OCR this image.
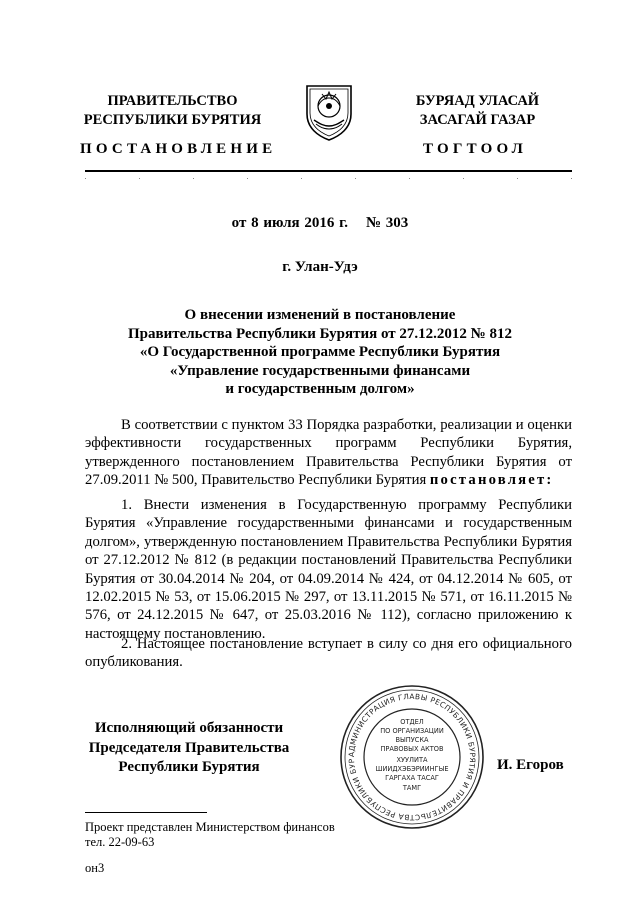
ПРАВИТЕЛЬСТВО
РЕСПУБЛИКИ БУРЯТИЯ
БУРЯАД УЛАСАЙ
ЗАСАГАЙ ГАЗАР
ПОСТАНОВЛЕНИЕ	ТОГТООЛ
от 8 июля 2016 г. № 303
г. Улан-Удэ
О внесении изменений в постановление
Правительства Республики Бурятия от 27.12.2012 № 812
«О Государственной программе Республики Бурятия
«Управление государственными финансами
и государственным долгом»
В соответствии с пунктом 33 Порядка разработки, реализации и оценки эффективности государственных программ Республики Бурятия, утвержденного постановлением Правительства Республики Бурятия от 27.09.2011 № 500, Правительство Республики Бурятия постановляет:
1. Внести изменения в Государственную программу Республики Бурятия «Управление государственными финансами и государственным долгом», утвержденную постановлением Правительства Республики Бурятия от 27.12.2012 № 812 (в редакции постановлений Правительства Республики Бурятия от 30.04.2014 № 204, от 04.09.2014 № 424, от 04.12.2014 № 605, от 12.02.2015 № 53, от 15.06.2015 № 297, от 13.11.2015 № 571, от 16.11.2015 № 576, от 24.12.2015 № 647, от 25.03.2016 № 112), согласно приложению к настоящему постановлению.
2. Настоящее постановление вступает в силу со дня его официального опубликования.
Исполняющий обязанности
Председателя Правительства
Республики Бурятия
АДМИНИСТРАЦИЯ ГЛАВЫ РЕСПУБЛИКИ БУРЯТИЯ И ПРАВИТЕЛЬСТВА РЕСПУБЛИКИ БУР
ОТДЕЛ
ПО ОРГАНИЗАЦИИ
ВЫПУСКА
ПРАВОВЫХ АКТОВ
ХУУЛИТА
ШИИДХЭБЭРИИНГЫЕ
ГАРГАХА ТАСАГ
ТАМГ
И. Егоров
Проект представлен Министерством финансов
тел. 22-09-63
он3
